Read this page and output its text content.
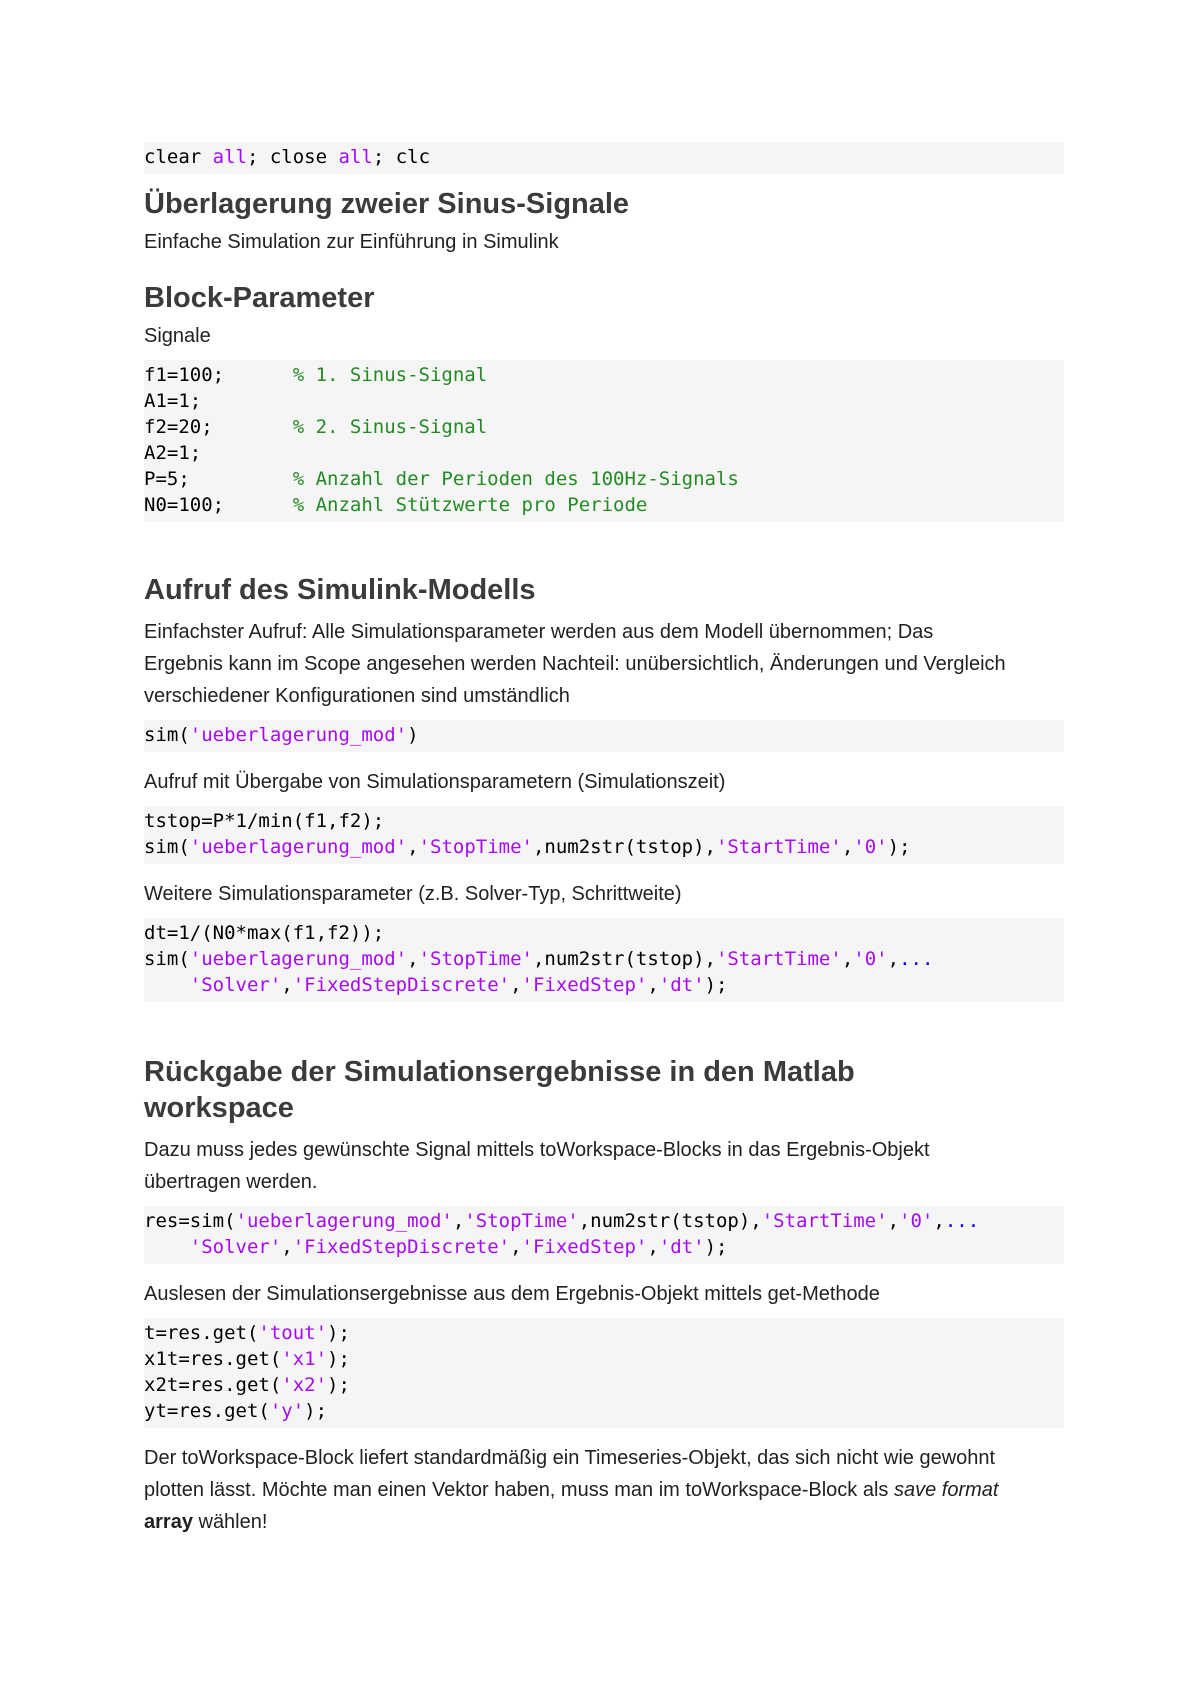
clear all; close all; clc
Überlagerung zweier Sinus-Signale

Einfache Simulation zur Einführung in Simulink

Block-Parameter

Signale

f1=100;      % 1. Sinus-Signal
A1=1;
f2=20;       % 2. Sinus-Signal
A2=1;
P=5;         % Anzahl der Perioden des 100Hz-Signals
N0=100;      % Anzahl Stützwerte pro Periode
Aufruf des Simulink-Modells

Einfachster Aufruf: Alle Simulationsparameter werden aus dem Modell übernommen; Das

Ergebnis kann im Scope angesehen werden Nachteil: unübersichtlich, Änderungen und Vergleich

verschiedener Konfigurationen sind umständlich

sim('ueberlagerung_mod')

Aufruf mit Übergabe von Simulationsparametern (Simulationszeit)

tstop=P*1/min(f1,f2);
sim('ueberlagerung_mod','StopTime',num2str(tstop),'StartTime','0');

Weitere Simulationsparameter (z.B. Solver-Typ, Schrittweite)

dt=1/(N0*max(f1,f2));
sim('ueberlagerung_mod','StopTime',num2str(tstop),'StartTime','0',...
'Solver','FixedStepDiscrete','FixedStep','dt');
Rückgabe der Simulationsergebnisse in den Matlab
workspace

Dazu muss jedes gewünschte Signal mittels toWorkspace-Blocks in das Ergebnis-Objekt

übertragen werden.

res=sim('ueberlagerung_mod','StopTime',num2str(tstop),'StartTime','0',...
'Solver','FixedStepDiscrete','FixedStep','dt');

Auslesen der Simulationsergebnisse aus dem Ergebnis-Objekt mittels get-Methode

t=res.get('tout');
x1t=res.get('x1');
x2t=res.get('x2');
yt=res.get('y');

Der toWorkspace-Block liefert standardmäßig ein Timeseries-Objekt, das sich nicht wie gewohnt

plotten lässt. Möchte man einen Vektor haben, muss man im toWorkspace-Block als save format

array wählen!
